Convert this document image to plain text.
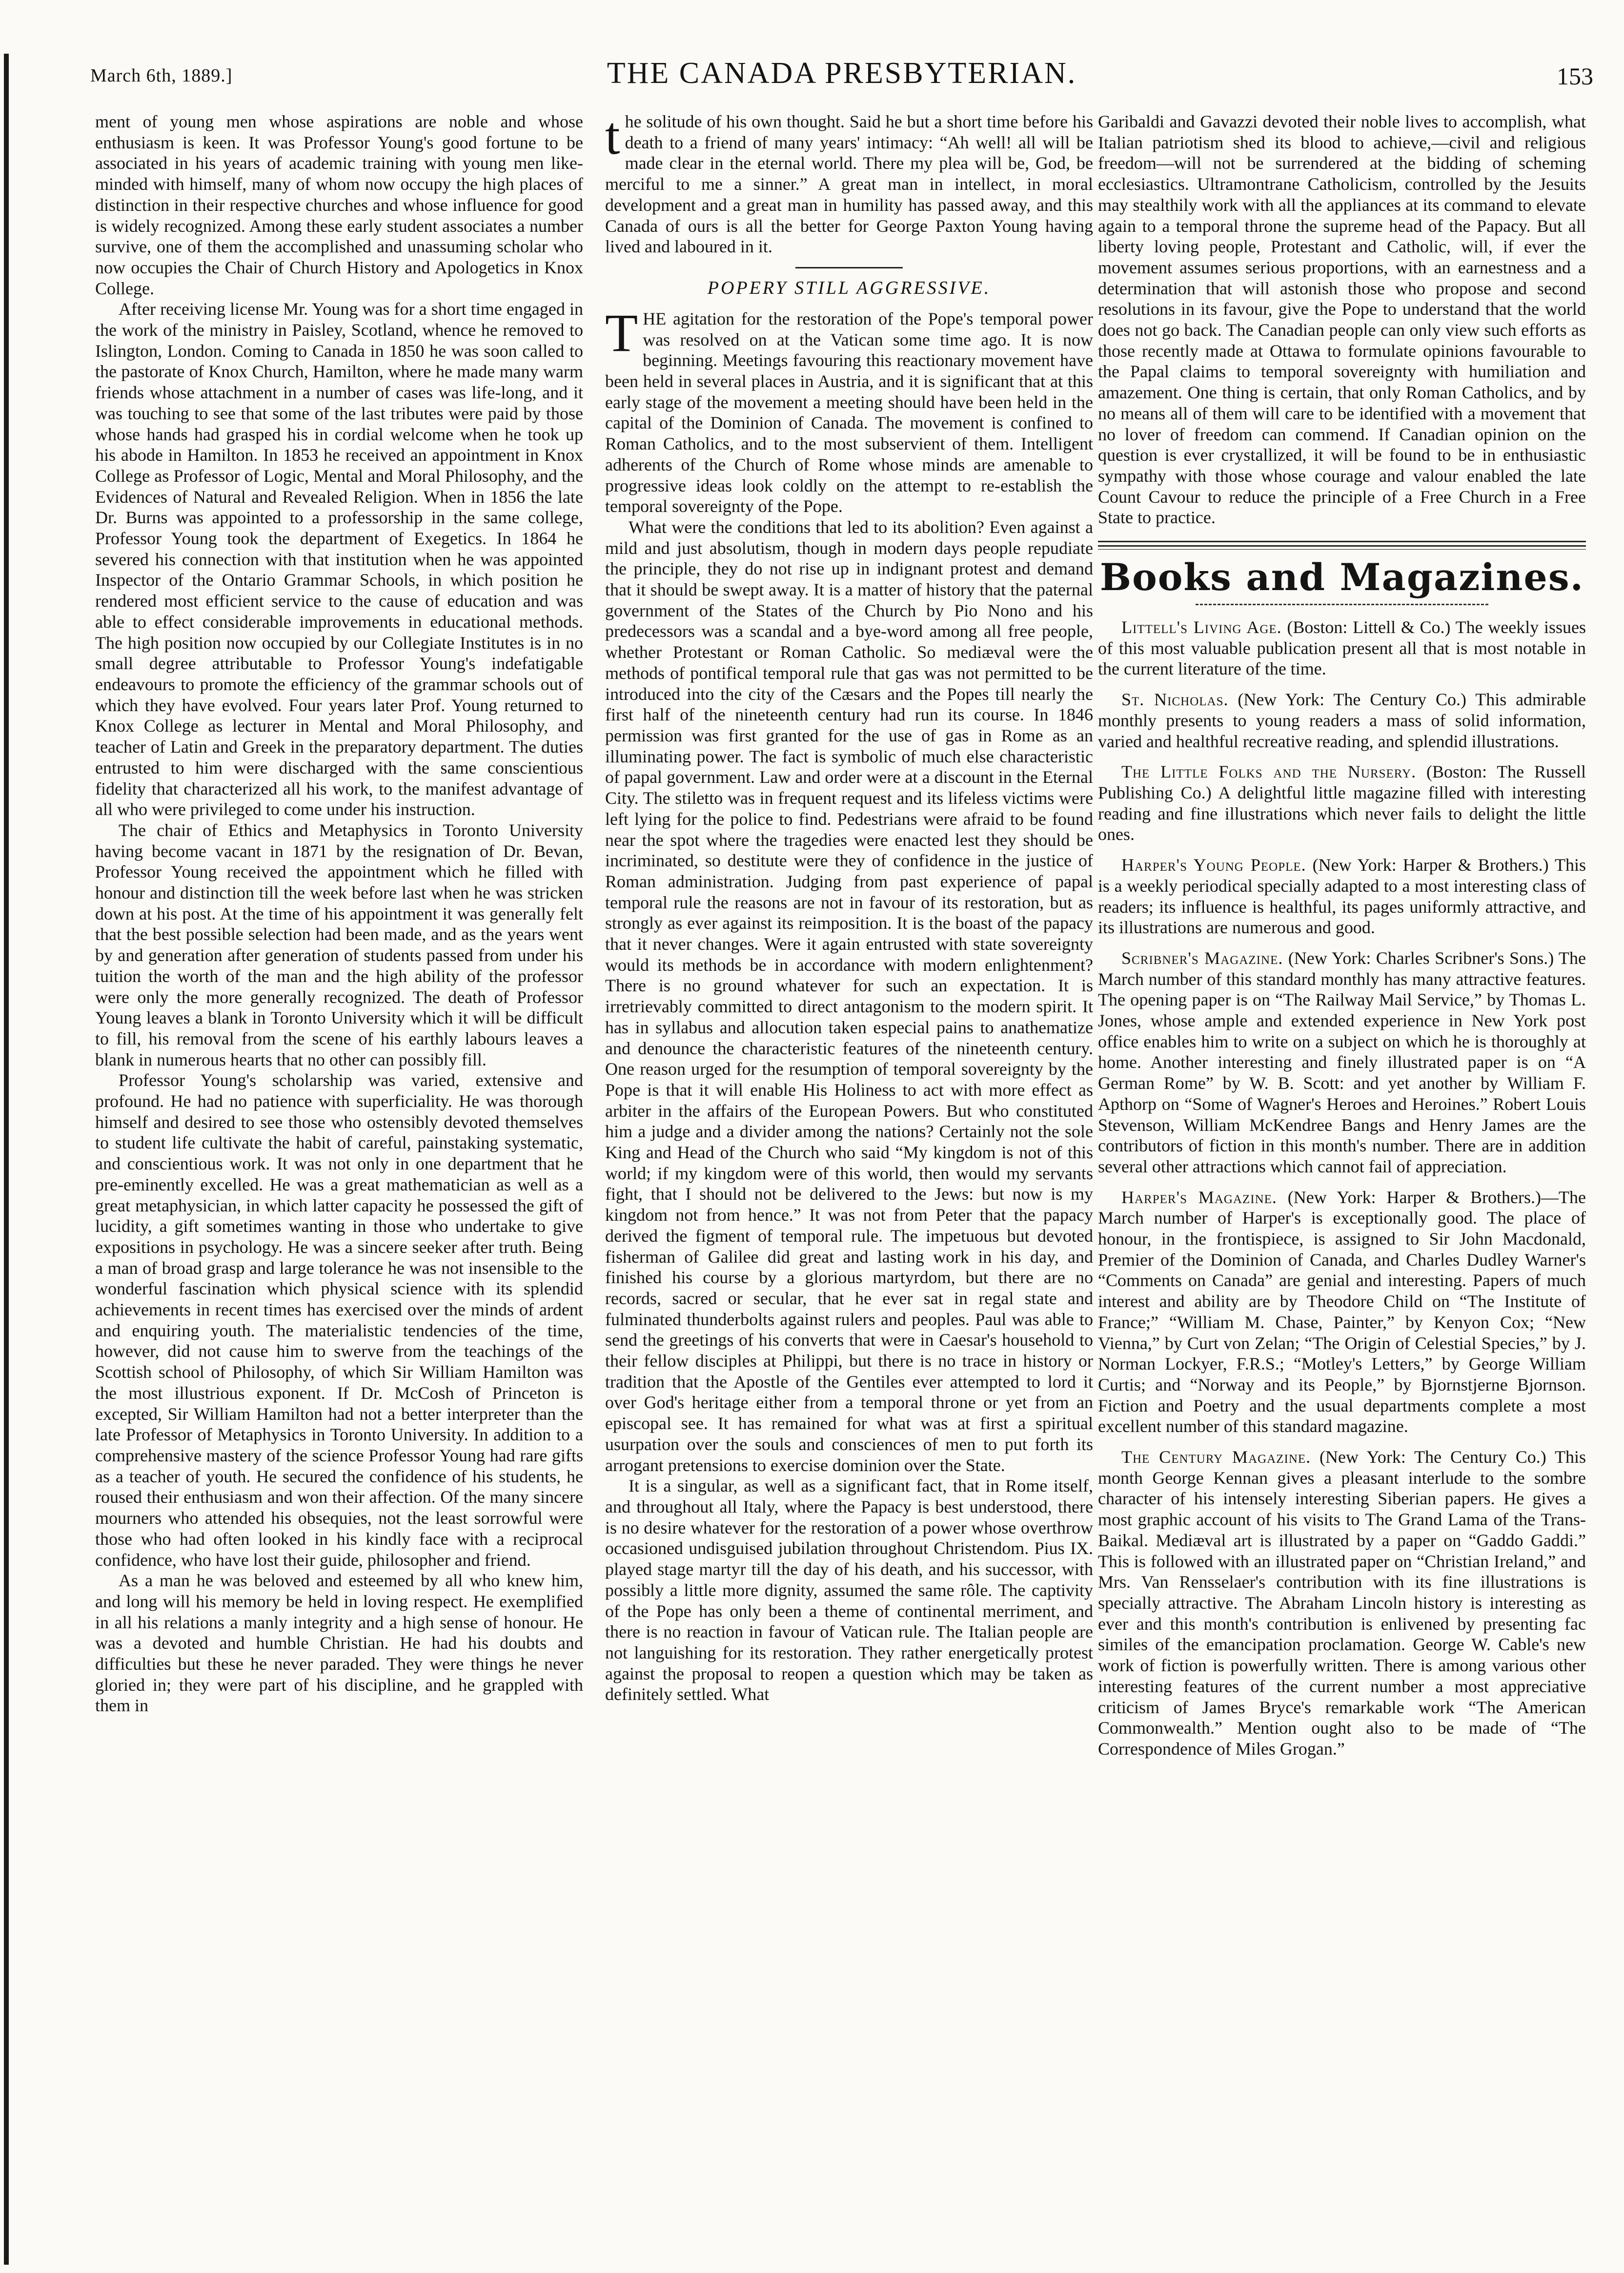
March 6th, 1889.]	THE CANADA PRESBYTERIAN.	153

ment of young men whose aspirations are noble and whose enthusiasm is keen. It was Professor Young's good fortune to be associated in his years of academic training with young men like-minded with himself, many of whom now occupy the high places of distinction in their respective churches and whose influence for good is widely recognized. Among these early student associates a number survive, one of them the accomplished and unassuming scholar who now occupies the Chair of Church History and Apologetics in Knox College.

After receiving license Mr. Young was for a short time engaged in the work of the ministry in Paisley, Scotland, whence he removed to Islington, London. Coming to Canada in 1850 he was soon called to the pastorate of Knox Church, Hamilton, where he made many warm friends whose attachment in a number of cases was life-long, and it was touching to see that some of the last tributes were paid by those whose hands had grasped his in cordial welcome when he took up his abode in Hamilton. In 1853 he received an appointment in Knox College as Professor of Logic, Mental and Moral Philosophy, and the Evidences of Natural and Revealed Religion. When in 1856 the late Dr. Burns was appointed to a professorship in the same college, Professor Young took the department of Exegetics. In 1864 he severed his connection with that institution when he was appointed Inspector of the Ontario Grammar Schools, in which position he rendered most efficient service to the cause of education and was able to effect considerable improvements in educational methods. The high position now occupied by our Collegiate Institutes is in no small degree attributable to Professor Young's indefatigable endeavours to promote the efficiency of the grammar schools out of which they have evolved. Four years later Prof. Young returned to Knox College as lecturer in Mental and Moral Philosophy, and teacher of Latin and Greek in the preparatory department. The duties entrusted to him were discharged with the same conscientious fidelity that characterized all his work, to the manifest advantage of all who were privileged to come under his instruction.

The chair of Ethics and Metaphysics in Toronto University having become vacant in 1871 by the resignation of Dr. Bevan, Professor Young received the appointment which he filled with honour and distinction till the week before last when he was stricken down at his post. At the time of his appointment it was generally felt that the best possible selection had been made, and as the years went by and generation after generation of students passed from under his tuition the worth of the man and the high ability of the professor were only the more generally recognized. The death of Professor Young leaves a blank in Toronto University which it will be difficult to fill, his removal from the scene of his earthly labours leaves a blank in numerous hearts that no other can possibly fill.

Professor Young's scholarship was varied, extensive and profound. He had no patience with superficiality. He was thorough himself and desired to see those who ostensibly devoted themselves to student life cultivate the habit of careful, painstaking systematic, and conscientious work. It was not only in one department that he pre-eminently excelled. He was a great mathematician as well as a great metaphysician, in which latter capacity he possessed the gift of lucidity, a gift sometimes wanting in those who undertake to give expositions in psychology. He was a sincere seeker after truth. Being a man of broad grasp and large tolerance he was not insensible to the wonderful fascination which physical science with its splendid achievements in recent times has exercised over the minds of ardent and enquiring youth. The materialistic tendencies of the time, however, did not cause him to swerve from the teachings of the Scottish school of Philosophy, of which Sir William Hamilton was the most illustrious exponent. If Dr. McCosh of Princeton is excepted, Sir William Hamilton had not a better interpreter than the late Professor of Metaphysics in Toronto University. In addition to a comprehensive mastery of the science Professor Young had rare gifts as a teacher of youth. He secured the confidence of his students, he roused their enthusiasm and won their affection. Of the many sincere mourners who attended his obsequies, not the least sorrowful were those who had often looked in his kindly face with a reciprocal confidence, who have lost their guide, philosopher and friend.

As a man he was beloved and esteemed by all who knew him, and long will his memory be held in loving respect. He exemplified in all his relations a manly integrity and a high sense of honour. He was a devoted and humble Christian. He had his doubts and difficulties but these he never paraded. They were things he never gloried in; they were part of his discipline, and he grappled with them in

the solitude of his own thought. Said he but a short time before his death to a friend of many years' intimacy: “Ah well! all will be made clear in the eternal world. There my plea will be, God, be merciful to me a sinner.” A great man in intellect, in moral development and a great man in humility has passed away, and this Canada of ours is all the better for George Paxton Young having lived and laboured in it.

POPERY STILL AGGRESSIVE.

THE agitation for the restoration of the Pope's temporal power was resolved on at the Vatican some time ago. It is now beginning. Meetings favouring this reactionary movement have been held in several places in Austria, and it is significant that at this early stage of the movement a meeting should have been held in the capital of the Dominion of Canada. The movement is confined to Roman Catholics, and to the most subservient of them. Intelligent adherents of the Church of Rome whose minds are amenable to progressive ideas look coldly on the attempt to re-establish the temporal sovereignty of the Pope.

What were the conditions that led to its abolition? Even against a mild and just absolutism, though in modern days people repudiate the principle, they do not rise up in indignant protest and demand that it should be swept away. It is a matter of history that the paternal government of the States of the Church by Pio Nono and his predecessors was a scandal and a bye-word among all free people, whether Protestant or Roman Catholic. So mediæval were the methods of pontifical temporal rule that gas was not permitted to be introduced into the city of the Cæsars and the Popes till nearly the first half of the nineteenth century had run its course. In 1846 permission was first granted for the use of gas in Rome as an illuminating power. The fact is symbolic of much else characteristic of papal government. Law and order were at a discount in the Eternal City. The stiletto was in frequent request and its lifeless victims were left lying for the police to find. Pedestrians were afraid to be found near the spot where the tragedies were enacted lest they should be incriminated, so destitute were they of confidence in the justice of Roman administration. Judging from past experience of papal temporal rule the reasons are not in favour of its restoration, but as strongly as ever against its reimposition. It is the boast of the papacy that it never changes. Were it again entrusted with state sovereignty would its methods be in accordance with modern enlightenment? There is no ground whatever for such an expectation. It is irretrievably committed to direct antagonism to the modern spirit. It has in syllabus and allocution taken especial pains to anathematize and denounce the characteristic features of the nineteenth century. One reason urged for the resumption of temporal sovereignty by the Pope is that it will enable His Holiness to act with more effect as arbiter in the affairs of the European Powers. But who constituted him a judge and a divider among the nations? Certainly not the sole King and Head of the Church who said “My kingdom is not of this world; if my kingdom were of this world, then would my servants fight, that I should not be delivered to the Jews: but now is my kingdom not from hence.” It was not from Peter that the papacy derived the figment of temporal rule. The impetuous but devoted fisherman of Galilee did great and lasting work in his day, and finished his course by a glorious martyrdom, but there are no records, sacred or secular, that he ever sat in regal state and fulminated thunderbolts against rulers and peoples. Paul was able to send the greetings of his converts that were in Caesar's household to their fellow disciples at Philippi, but there is no trace in history or tradition that the Apostle of the Gentiles ever attempted to lord it over God's heritage either from a temporal throne or yet from an episcopal see. It has remained for what was at first a spiritual usurpation over the souls and consciences of men to put forth its arrogant pretensions to exercise dominion over the State.

It is a singular, as well as a significant fact, that in Rome itself, and throughout all Italy, where the Papacy is best understood, there is no desire whatever for the restoration of a power whose overthrow occasioned undisguised jubilation throughout Christendom. Pius IX. played stage martyr till the day of his death, and his successor, with possibly a little more dignity, assumed the same rôle. The captivity of the Pope has only been a theme of continental merriment, and there is no reaction in favour of Vatican rule. The Italian people are not languishing for its restoration. They rather energetically protest against the proposal to reopen a question which may be taken as definitely settled. What

Garibaldi and Gavazzi devoted their noble lives to accomplish, what Italian patriotism shed its blood to achieve,—civil and religious freedom—will not be surrendered at the bidding of scheming ecclesiastics. Ultramontrane Catholicism, controlled by the Jesuits may stealthily work with all the appliances at its command to elevate again to a temporal throne the supreme head of the Papacy. But all liberty loving people, Protestant and Catholic, will, if ever the movement assumes serious proportions, with an earnestness and a determination that will astonish those who propose and second resolutions in its favour, give the Pope to understand that the world does not go back. The Canadian people can only view such efforts as those recently made at Ottawa to formulate opinions favourable to the Papal claims to temporal sovereignty with humiliation and amazement. One thing is certain, that only Roman Catholics, and by no means all of them will care to be identified with a movement that no lover of freedom can commend. If Canadian opinion on the question is ever crystallized, it will be found to be in enthusiastic sympathy with those whose courage and valour enabled the late Count Cavour to reduce the principle of a Free Church in a Free State to practice.

Books and Magazines.

Littell's Living Age. (Boston: Littell & Co.) The weekly issues of this most valuable publication present all that is most notable in the current literature of the time.

St. Nicholas. (New York: The Century Co.) This admirable monthly presents to young readers a mass of solid information, varied and healthful recreative reading, and splendid illustrations.

The Little Folks and the Nursery. (Boston: The Russell Publishing Co.) A delightful little magazine filled with interesting reading and fine illustrations which never fails to delight the little ones.

Harper's Young People. (New York: Harper & Brothers.) This is a weekly periodical specially adapted to a most interesting class of readers; its influence is healthful, its pages uniformly attractive, and its illustrations are numerous and good.

Scribner's Magazine. (New York: Charles Scribner's Sons.) The March number of this standard monthly has many attractive features. The opening paper is on “The Railway Mail Service,” by Thomas L. Jones, whose ample and extended experience in New York post office enables him to write on a subject on which he is thoroughly at home. Another interesting and finely illustrated paper is on “A German Rome” by W. B. Scott: and yet another by William F. Apthorp on “Some of Wagner's Heroes and Heroines.” Robert Louis Stevenson, William McKendree Bangs and Henry James are the contributors of fiction in this month's number. There are in addition several other attractions which cannot fail of appreciation.

Harper's Magazine. (New York: Harper & Brothers.)—The March number of Harper's is exceptionally good. The place of honour, in the frontispiece, is assigned to Sir John Macdonald, Premier of the Dominion of Canada, and Charles Dudley Warner's “Comments on Canada” are genial and interesting. Papers of much interest and ability are by Theodore Child on “The Institute of France;” “William M. Chase, Painter,” by Kenyon Cox; “New Vienna,” by Curt von Zelan; “The Origin of Celestial Species,” by J. Norman Lockyer, F.R.S.; “Motley's Letters,” by George William Curtis; and “Norway and its People,” by Bjornstjerne Bjornson. Fiction and Poetry and the usual departments complete a most excellent number of this standard magazine.

The Century Magazine. (New York: The Century Co.) This month George Kennan gives a pleasant interlude to the sombre character of his intensely interesting Siberian papers. He gives a most graphic account of his visits to The Grand Lama of the Trans-Baikal. Mediæval art is illustrated by a paper on “Gaddo Gaddi.” This is followed with an illustrated paper on “Christian Ireland,” and Mrs. Van Rensselaer's contribution with its fine illustrations is specially attractive. The Abraham Lincoln history is interesting as ever and this month's contribution is enlivened by presenting fac similes of the emancipation proclamation. George W. Cable's new work of fiction is powerfully written. There is among various other interesting features of the current number a most appreciative criticism of James Bryce's remarkable work “The American Commonwealth.” Mention ought also to be made of “The Correspondence of Miles Grogan.”
